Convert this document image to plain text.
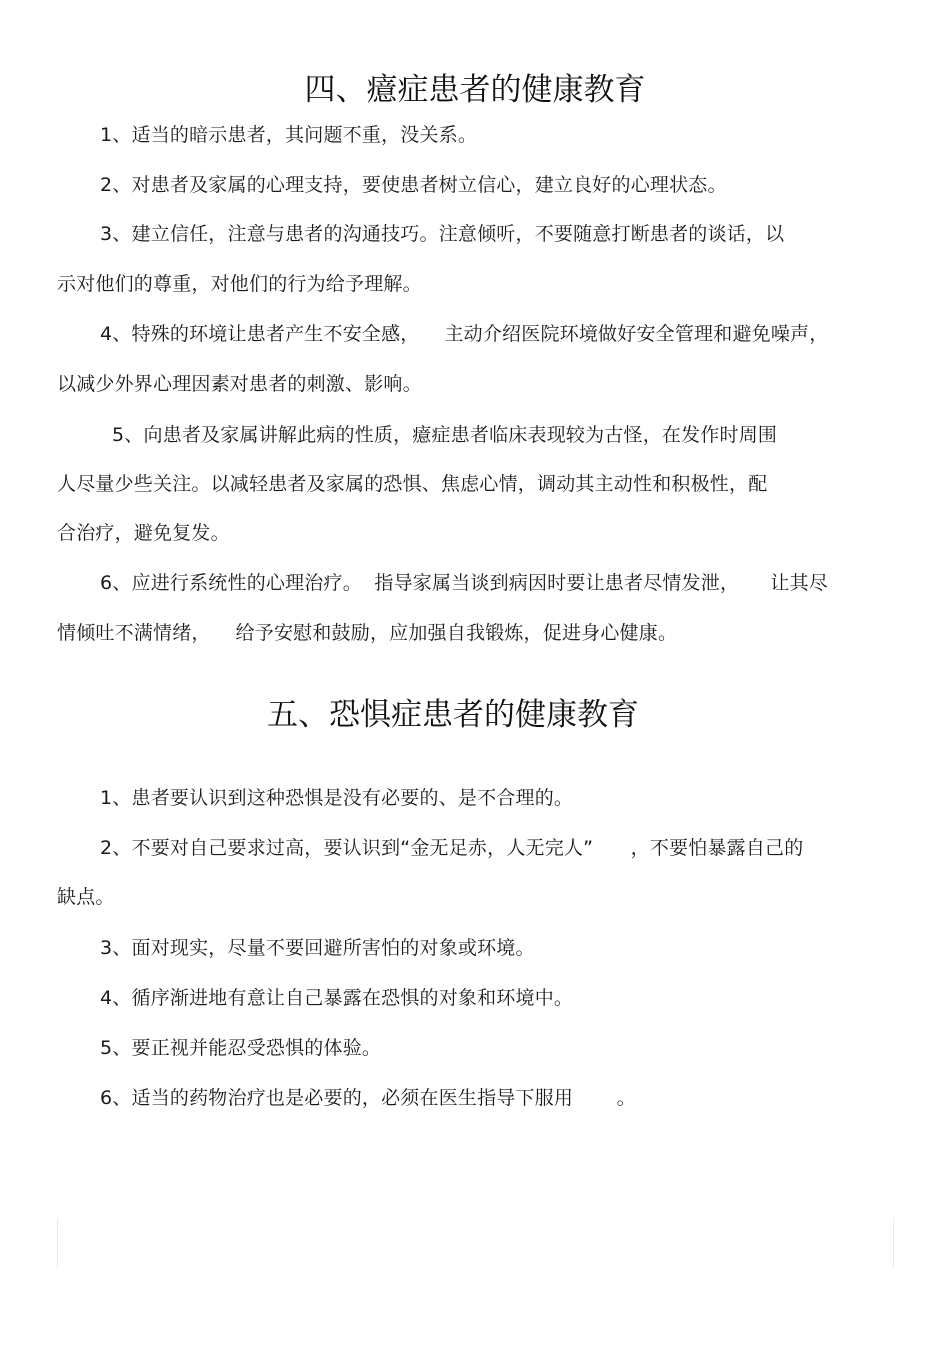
四、癔症患者的健康教育
1、适当的暗示患者，其问题不重，没关系。
2、对患者及家属的心理支持，要使患者树立信心，建立良好的心理状态。
3、建立信任，注意与患者的沟通技巧。注意倾听，不要随意打断患者的谈话，以
示对他们的尊重，对他们的行为给予理解。
4、特殊的环境让患者产生不安全感，    主动介绍医院环境做好安全管理和避免噪声，
以减少外界心理因素对患者的刺激、影响。
5、向患者及家属讲解此病的性质，癔症患者临床表现较为古怪，在发作时周围
人尽量少些关注。以减轻患者及家属的恐惧、焦虑心情，调动其主动性和积极性，配
合治疗，避免复发。
6、应进行系统性的心理治疗。  指导家属当谈到病因时要让患者尽情发泄，     让其尽
情倾吐不满情绪，    给予安慰和鼓励，应加强自我锻炼，促进身心健康。
五、恐惧症患者的健康教育
1、患者要认识到这种恐惧是没有必要的、是不合理的。
2、不要对自己要求过高，要认识到“金无足赤，人无完人”      ，不要怕暴露自己的
缺点。
3、面对现实，尽量不要回避所害怕的对象或环境。
4、循序渐进地有意让自己暴露在恐惧的对象和环境中。
5、要正视并能忍受恐惧的体验。
6、适当的药物治疗也是必要的，必须在医生指导下服用       。
